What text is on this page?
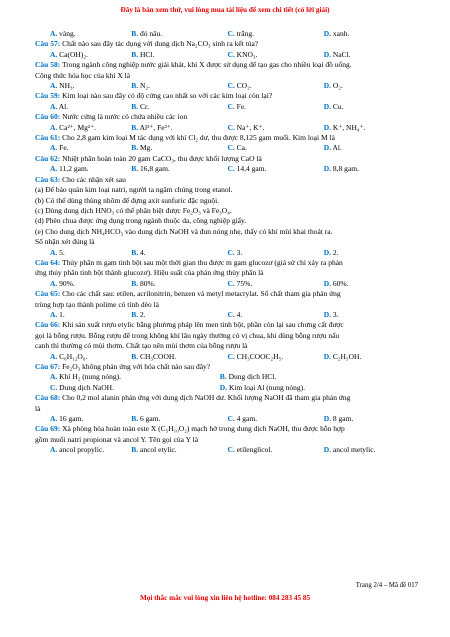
Đây là bản xem thử, vui lòng mua tài liệu để xem chi tiết (có lời giải)
A. vàng.	B. đỏ nâu.	C. trắng.	D. xanh.
Câu 57: Chất nào sau đây tác dụng với dung dịch Na₂CO₃ sinh ra kết tủa?
A. Ca(OH)₂.	B. HCl.	C. KNO₃.	D. NaCl.
Câu 58: Trong ngành công nghiệp nước giải khát, khí X được sử dụng để tạo gas cho nhiều loại đồ uống.
Công thức hóa học của khí X là
A. NH₃.	B. N₂.	C. CO₂.	D. O₂.
Câu 59: Kim loại nào sau đây có độ cứng cao nhất so với các kim loại còn lại?
A. Al.	B. Cr.	C. Fe.	D. Cu.
Câu 60: Nước cứng là nước có chứa nhiều các ion
A. Ca²⁺, Mg²⁺.	B. Al³⁺, Fe³⁺.	C. Na⁺, K⁺.	D. K⁺, NH₄⁺.
Câu 61: Cho 2,8 gam kim loại M tác dụng với khí Cl₂ dư, thu được 8,125 gam muối. Kim loại M là
A. Fe.	B. Mg.	C. Ca.	D. Al.
Câu 62: Nhiệt phân hoàn toàn 20 gam CaCO₃, thu được khối lượng CaO là
A. 11,2 gam.	B. 16,8 gam.	C. 14,4 gam.	D. 8,8 gam.
Câu 63: Cho các nhận xét sau
(a) Để bảo quản kim loại natri, người ta ngâm chúng trong etanol.
(b) Có thể dùng thùng nhôm để đựng axit sunfuric đặc nguội.
(c) Dùng dung dịch HNO₃ có thể phân biệt được Fe₂O₃ và Fe₃O₄.
(d) Phèn chua được ứng dụng trong ngành thuộc da, công nghiệp giấy.
(e) Cho dung dịch NH₄HCO₃ vào dung dịch NaOH và đun nóng nhẹ, thấy có khí mùi khai thoát ra.
Số nhận xét đúng là
A. 5.	B. 4.	C. 3.	D. 2.
Câu 64: Thủy phân m gam tinh bột sau một thời gian thu được m gam glucozơ (giả sử chỉ xảy ra phản
ứng thủy phân tinh bột thành glucozơ). Hiệu suất của phản ứng thủy phân là
A. 90%.	B. 80%.	C. 75%.	D. 60%.
Câu 65: Cho các chất sau: etilen, acrilonitrin, benzen và metyl metacrylat. Số chất tham gia phản ứng
trùng hợp tạo thành polime có tính dẻo là
A. 1.	B. 2.	C. 4.	D. 3.
Câu 66: Khi sản xuất rượu etylic bằng phương pháp lên men tinh bột, phần còn lại sau chưng cất được
gọi là bỗng rượu. Bỗng rượu để trong không khí lâu ngày thường có vị chua, khi dùng bỗng rượu nấu
canh thì thường có mùi thơm. Chất tạo nên mùi thơm của bỗng rượu là
A. C₆H₁₂O₆.	B. CH₃COOH.	C. CH₃COOC₂H₅.	D. C₂H₅OH.
Câu 67: Fe₂O₃ không phản ứng với hóa chất nào sau đây?
A. Khí H₂ (nung nóng).	B. Dung dịch HCl.
C. Dung dịch NaOH.	D. Kim loại Al (nung nóng).
Câu 68: Cho 0,2 mol alanin phản ứng với dung dịch NaOH dư. Khối lượng NaOH đã tham gia phản ứng
là
A. 16 gam.	B. 6 gam.	C. 4 gam.	D. 8 gam.
Câu 69: Xà phòng hóa hoàn toàn este X (C₅H₁₀O₂) mạch hở trong dung dịch NaOH, thu được hỗn hợp
gồm muối natri propionat và ancol Y. Tên gọi của Y là
A. ancol propylic.	B. ancol etylic.	C. etilenglicol.	D. ancol metylic.
Trang 2/4 – Mã đề 017
Mọi thắc mắc vui lòng xin liên hệ hotline: 084 283 45 85
